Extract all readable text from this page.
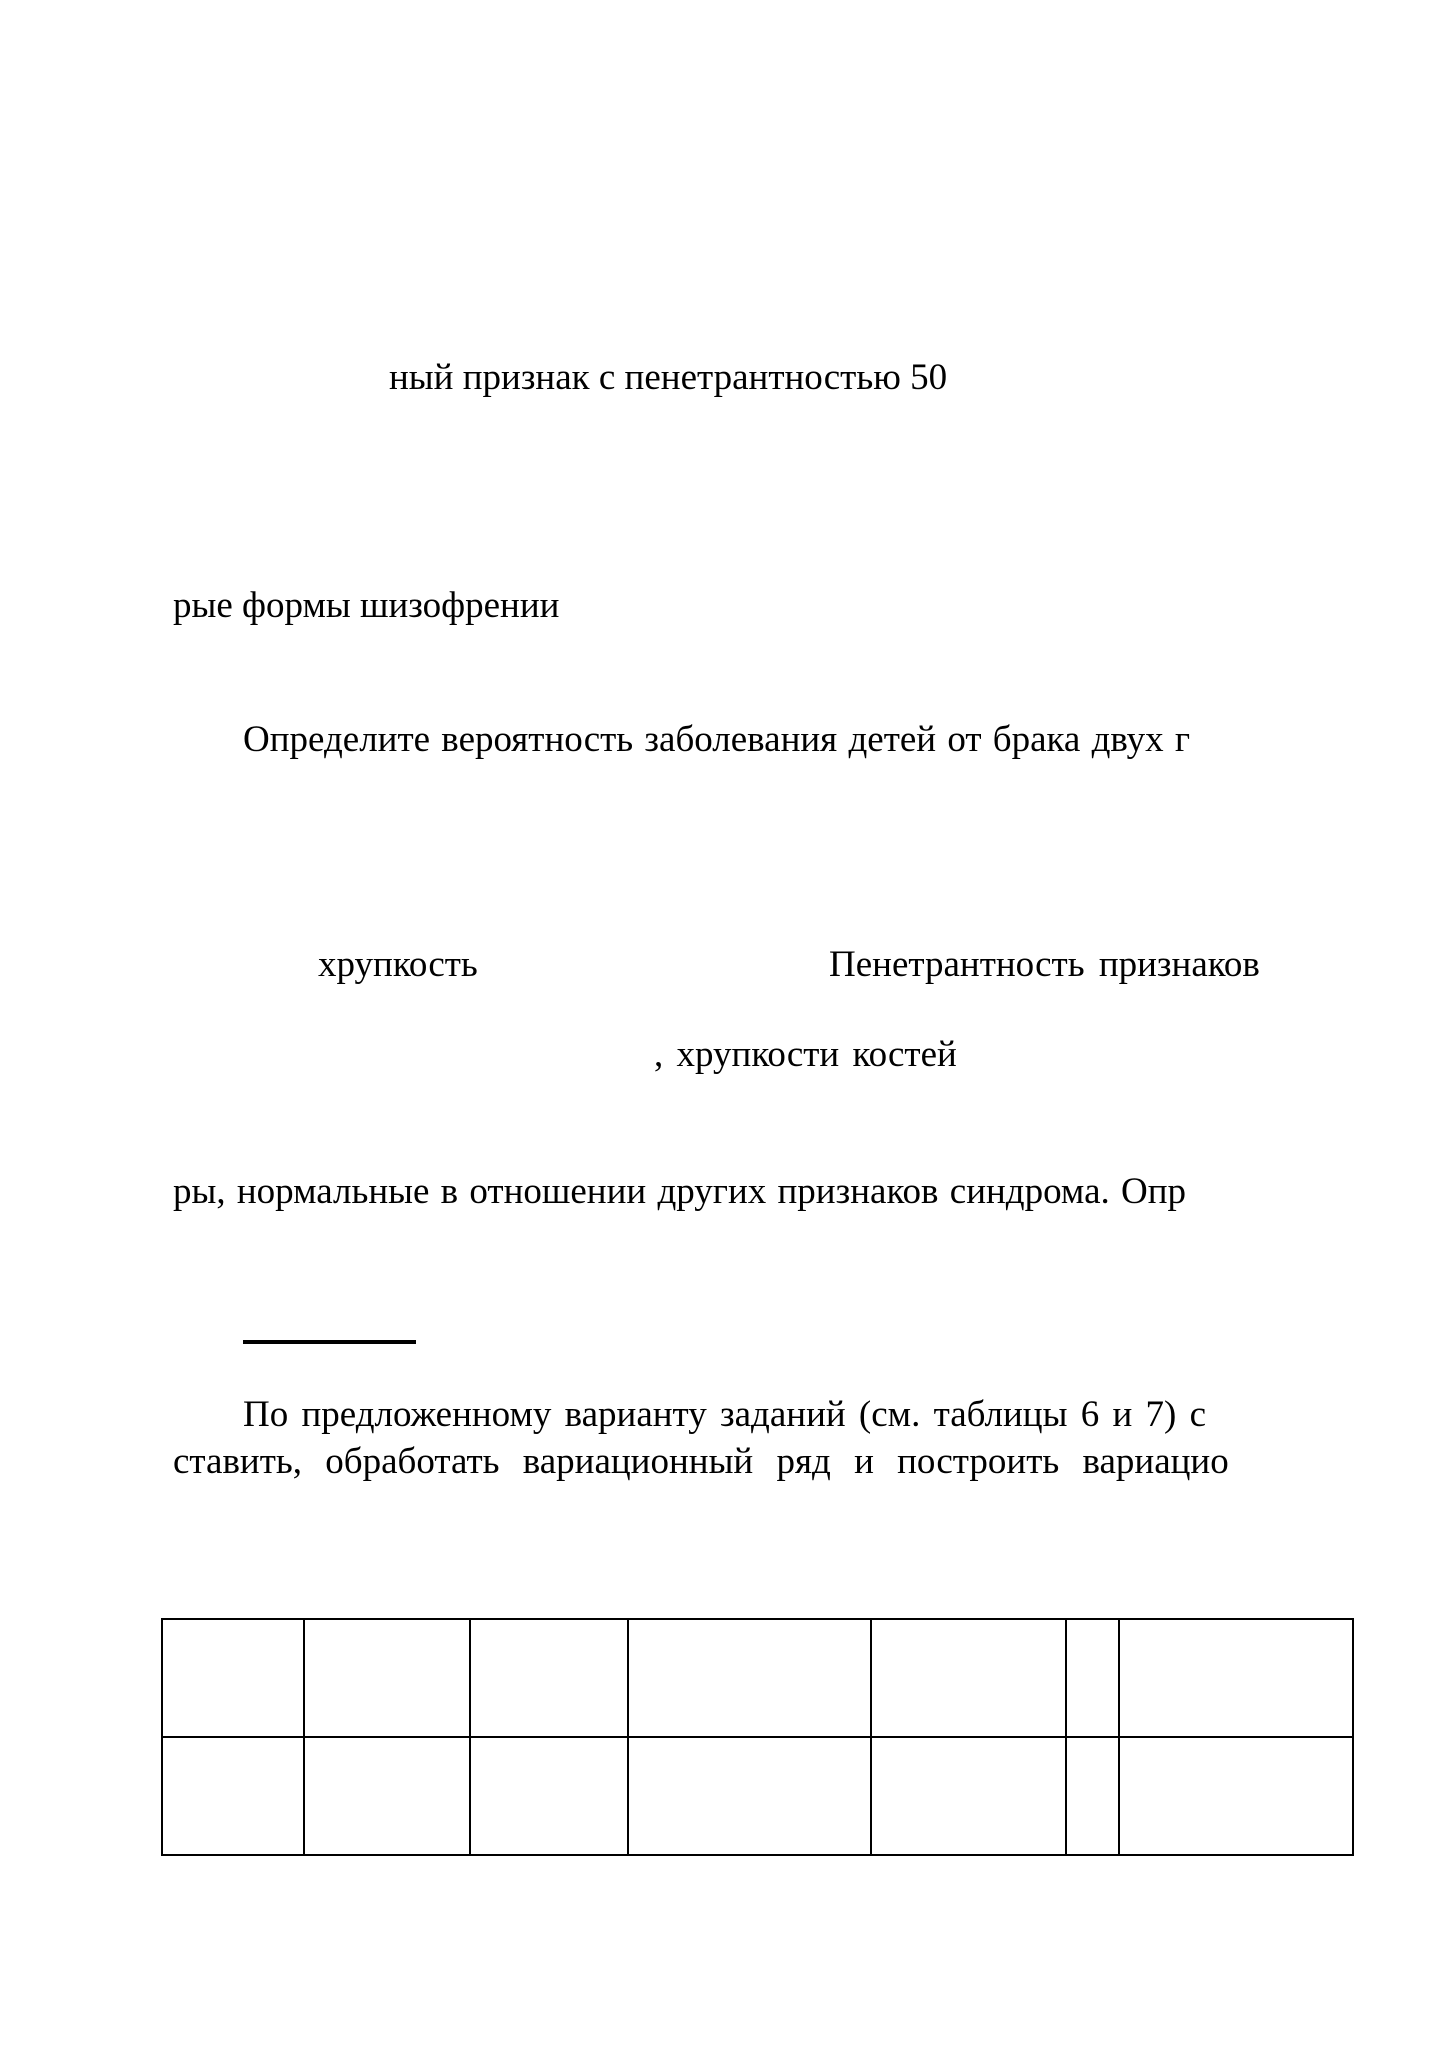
ный признак с пенетрантностью 50
рые формы шизофрении
Определите вероятность заболевания детей от брака двух г
хрупкость	Пенетрантность признаков
, хрупкости костей
ры, нормальные в отношении других признаков синдрома. Опр
По предложенному варианту заданий (см. таблицы 6 и 7) с
ставить, обработать вариационный ряд и построить вариацио
